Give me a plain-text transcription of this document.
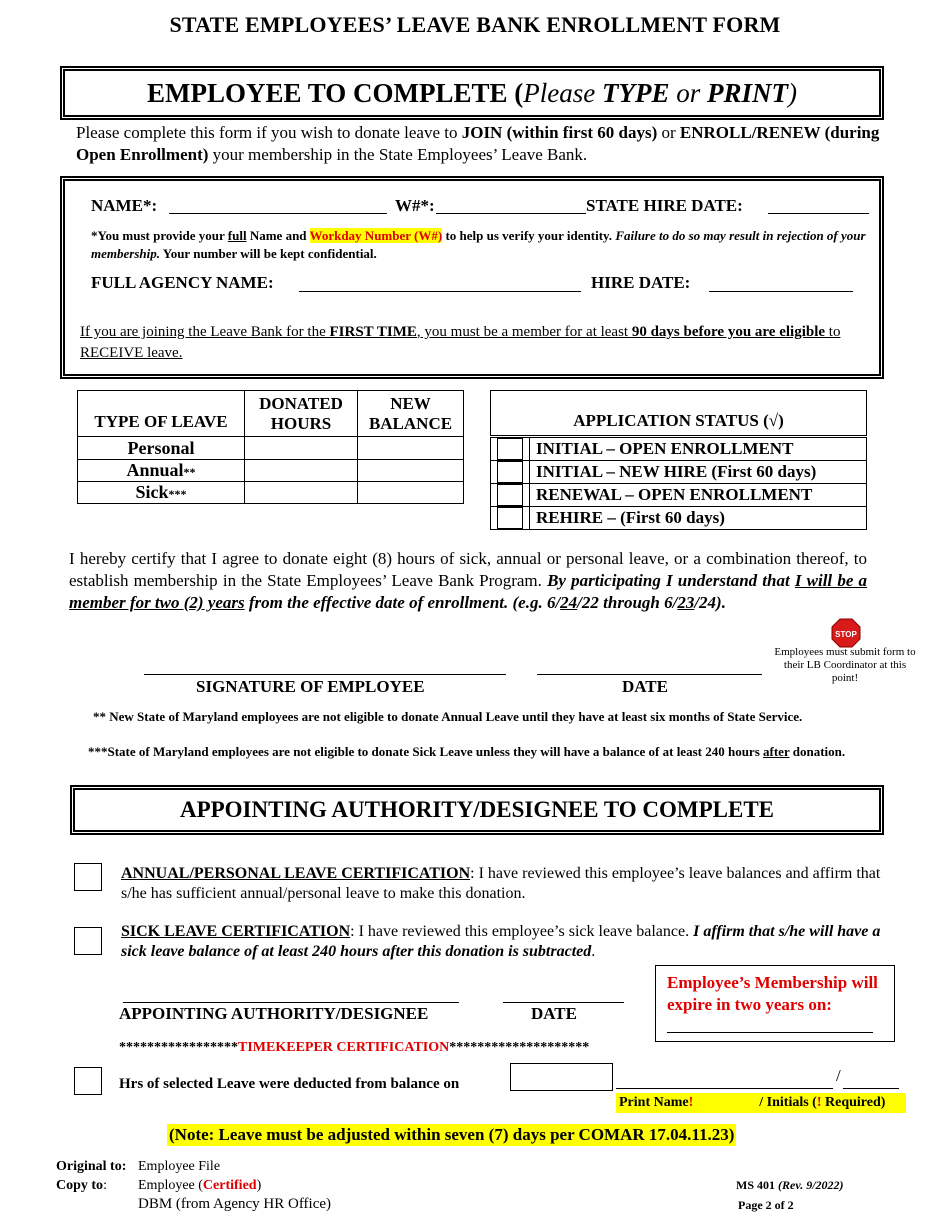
STATE EMPLOYEES’ LEAVE BANK ENROLLMENT FORM
EMPLOYEE TO COMPLETE (Please TYPE or PRINT)
Please complete this form if you wish to donate leave to JOIN (within first 60 days) or ENROLL/RENEW (during Open Enrollment) your membership in the State Employees’ Leave Bank.
NAME*:	W#*:	STATE HIRE DATE:
*You must provide your full Name and Workday Number (W#) to help us verify your identity. Failure to do so may result in rejection of your membership. Your number will be kept confidential.
FULL AGENCY NAME:	HIRE DATE:
If you are joining the Leave Bank for the FIRST TIME, you must be a member for at least 90 days before you are eligible to RECEIVE leave.
TYPE OF LEAVE	DONATED HOURS	NEW BALANCE
Personal		
Annual**		
Sick***		
APPLICATION STATUS (√)	
	INITIAL – OPEN ENROLLMENT
	INITIAL – NEW HIRE (First 60 days)
	RENEWAL – OPEN ENROLLMENT
	REHIRE – (First 60 days)
I hereby certify that I agree to donate eight (8) hours of sick, annual or personal leave, or a combination thereof, to establish membership in the State Employees’ Leave Bank Program. By participating I understand that I will be a member for two (2) years from the effective date of enrollment. (e.g. 6/24/22 through 6/23/24).
STOP
Employees must submit form to their LB Coordinator at this point!
SIGNATURE OF EMPLOYEE	DATE
** New State of Maryland employees are not eligible to donate Annual Leave until they have at least six months of State Service.
***State of Maryland employees are not eligible to donate Sick Leave unless they will have a balance of at least 240 hours after donation.
APPOINTING AUTHORITY/DESIGNEE TO COMPLETE
ANNUAL/PERSONAL LEAVE CERTIFICATION: I have reviewed this employee’s leave balances and affirm that s/he has sufficient annual/personal leave to make this donation.
SICK LEAVE CERTIFICATION: I have reviewed this employee’s sick leave balance. I affirm that s/he will have a sick leave balance of at least 240 hours after this donation is subtracted.
APPOINTING AUTHORITY/DESIGNEE	DATE
Employee’s Membership will expire in two years on:
*****************TIMEKEEPER CERTIFICATION********************
Hrs of selected Leave were deducted from balance on	/
Print Name!	/ Initials (! Required)
(Note: Leave must be adjusted within seven (7) days per COMAR 17.04.11.23)
Original to: Employee File
Copy to: Employee (Certified)
DBM (from Agency HR Office)
MS 401 (Rev. 9/2022)
Page 2 of 2
